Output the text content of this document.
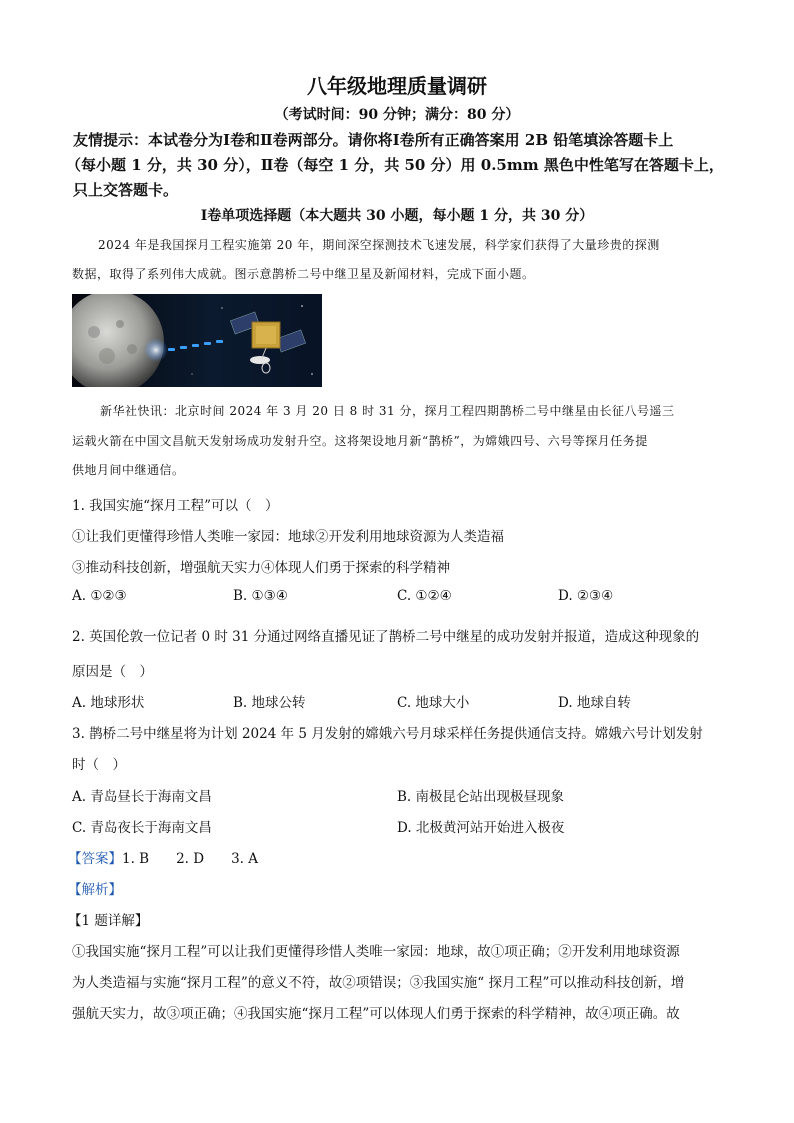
八年级地理质量调研
（考试时间：90 分钟；满分：80 分）
友情提示：本试卷分为Ⅰ卷和Ⅱ卷两部分。请你将Ⅰ卷所有正确答案用 2B 铅笔填涂答题卡上
（每小题 1 分，共 30 分），Ⅱ卷（每空 1 分，共 50 分）用 0.5mm 黑色中性笔写在答题卡上，
只上交答题卡。
Ⅰ卷单项选择题（本大题共 30 小题，每小题 1 分，共 30 分）
2024 年是我国探月工程实施第 20 年，期间深空探测技术飞速发展，科学家们获得了大量珍贵的探测
数据，取得了系列伟大成就。图示意鹊桥二号中继卫星及新闻材料，完成下面小题。
新华社快讯：北京时间 2024 年 3 月 20 日 8 时 31 分，探月工程四期鹊桥二号中继星由长征八号遥三
运载火箭在中国文昌航天发射场成功发射升空。这将架设地月新“鹊桥”，为嫦娥四号、六号等探月任务提
供地月间中继通信。
1. 我国实施“探月工程”可以（　）
①让我们更懂得珍惜人类唯一家园：地球②开发利用地球资源为人类造福
③推动科技创新，增强航天实力④体现人们勇于探索的科学精神
A. ①②③	B. ①③④	C. ①②④	D. ②③④
2. 英国伦敦一位记者 0 时 31 分通过网络直播见证了鹊桥二号中继星的成功发射并报道，造成这种现象的
原因是（　）
A. 地球形状	B. 地球公转	C. 地球大小	D. 地球自转
3. 鹊桥二号中继星将为计划 2024 年 5 月发射的嫦娥六号月球采样任务提供通信支持。嫦娥六号计划发射
时（　）
A. 青岛昼长于海南文昌	B. 南极昆仑站出现极昼现象
C. 青岛夜长于海南文昌	D. 北极黄河站开始进入极夜
【答案】1. B　　2. D　　3. A
【解析】
【1 题详解】
①我国实施“探月工程”可以让我们更懂得珍惜人类唯一家园：地球，故①项正确；②开发利用地球资源
为人类造福与实施“探月工程”的意义不符，故②项错误；③我国实施“ 探月工程”可以推动科技创新，增
强航天实力，故③项正确；④我国实施“探月工程”可以体现人们勇于探索的科学精神，故④项正确。故
